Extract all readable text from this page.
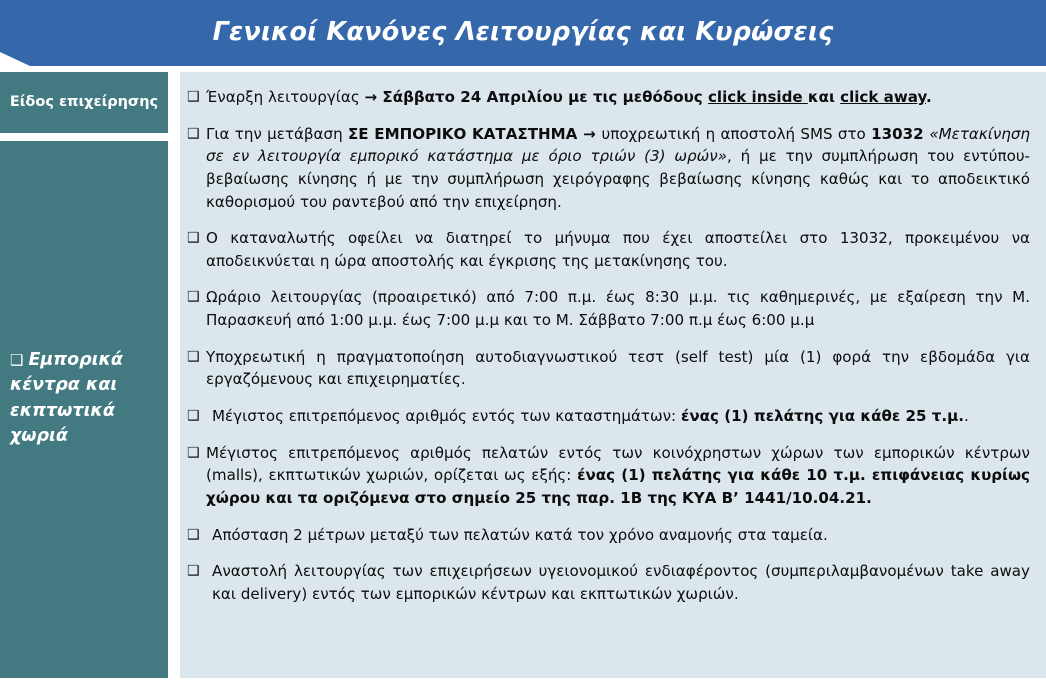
Γενικοί Κανόνες Λειτουργίας και Κυρώσεις
Είδος επιχείρησης
❑ Εμπορικά κέντρα και εκπτωτικά χωριά
❑ Έναρξη λειτουργίας → Σάββατο 24 Απριλίου με τις μεθόδους click inside και click away.
❑ Για την μετάβαση ΣΕ ΕΜΠΟΡΙΚΟ ΚΑΤΑΣΤΗΜΑ → υποχρεωτική η αποστολή SMS στο 13032 «Μετακίνηση σε εν λειτουργία εμπορικό κατάστημα με όριο τριών (3) ωρών», ή με την συμπλήρωση του εντύπου-βεβαίωσης κίνησης ή με την συμπλήρωση χειρόγραφης βεβαίωσης κίνησης καθώς και το αποδεικτικό καθορισμού του ραντεβού από την επιχείρηση.
❑ Ο καταναλωτής οφείλει να διατηρεί το μήνυμα που έχει αποστείλει στο 13032, προκειμένου να αποδεικνύεται η ώρα αποστολής και έγκρισης της μετακίνησης του.
❑ Ωράριο λειτουργίας (προαιρετικό) από 7:00 π.μ. έως 8:30 μ.μ. τις καθημερινές, με εξαίρεση την Μ. Παρασκευή από 1:00 μ.μ. έως 7:00 μ.μ και το Μ. Σάββατο 7:00 π.μ έως 6:00 μ.μ
❑ Υποχρεωτική η πραγματοποίηση αυτοδιαγνωστικού τεστ (self test) μία (1) φορά την εβδομάδα για εργαζόμενους και επιχειρηματίες.
❑ Μέγιστος επιτρεπόμενος αριθμός εντός των καταστημάτων: ένας (1) πελάτης για κάθε 25 τ.μ..
❑ Μέγιστος επιτρεπόμενος αριθμός πελατών εντός των κοινόχρηστων χώρων των εμπορικών κέντρων (malls), εκπτωτικών χωριών, ορίζεται ως εξής: ένας (1) πελάτης για κάθε 10 τ.μ. επιφάνειας κυρίως χώρου και τα οριζόμενα στο σημείο 25 της παρ. 1Β της ΚΥΑ Β’ 1441/10.04.21.
❑ Απόσταση 2 μέτρων μεταξύ των πελατών κατά τον χρόνο αναμονής στα ταμεία.
❑ Αναστολή λειτουργίας των επιχειρήσεων υγειονομικού ενδιαφέροντος (συμπεριλαμβανομένων take away και delivery) εντός των εμπορικών κέντρων και εκπτωτικών χωριών.
